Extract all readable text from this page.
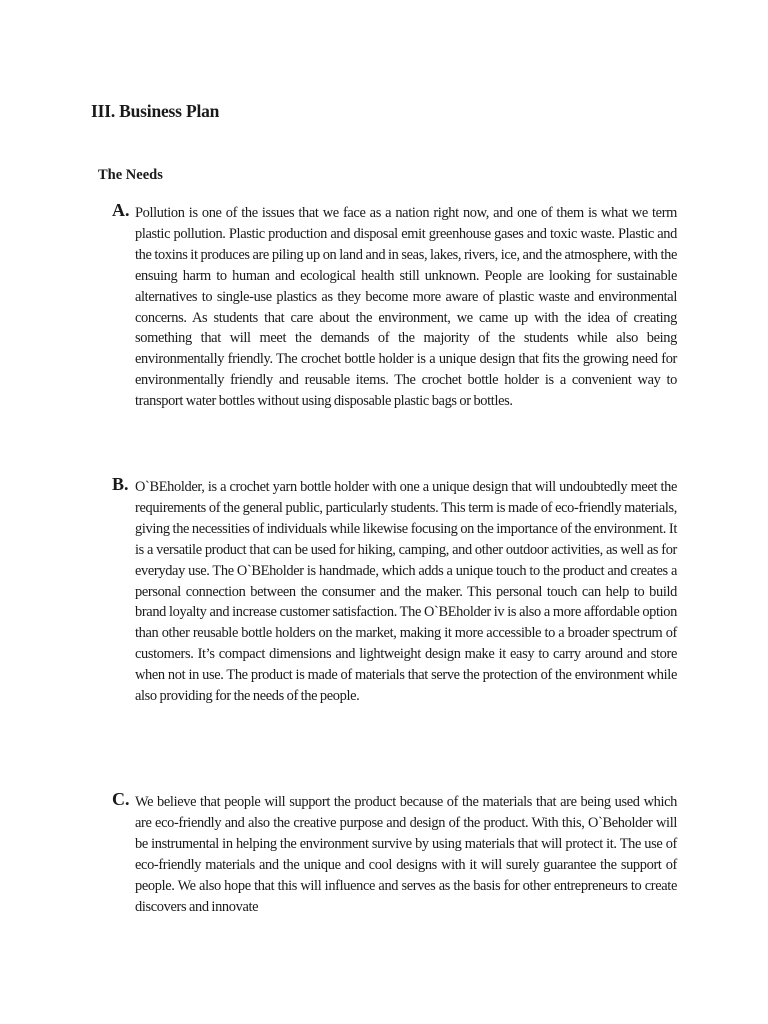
III. Business Plan
The Needs
A. Pollution is one of the issues that we face as a nation right now, and one of them is what we term plastic pollution. Plastic production and disposal emit greenhouse gases and toxic waste. Plastic and the toxins it produces are piling up on land and in seas, lakes, rivers, ice, and the atmosphere, with the ensuing harm to human and ecological health still unknown. People are looking for sustainable alternatives to single-use plastics as they become more aware of plastic waste and environmental concerns. As students that care about the environment, we came up with the idea of creating something that will meet the demands of the majority of the students while also being environmentally friendly. The crochet bottle holder is a unique design that fits the growing need for environmentally friendly and reusable items. The crochet bottle holder is a convenient way to transport water bottles without using disposable plastic bags or bottles.

B. O`BEholder, is a crochet yarn bottle holder with one a unique design that will undoubtedly meet the requirements of the general public, particularly students. This term is made of eco-friendly materials, giving the necessities of individuals while likewise focusing on the importance of the environment. It is a versatile product that can be used for hiking, camping, and other outdoor activities, as well as for everyday use. The O`BEholder is handmade, which adds a unique touch to the product and creates a personal connection between the consumer and the maker. This personal touch can help to build brand loyalty and increase customer satisfaction. The O`BEholder iv is also a more affordable option than other reusable bottle holders on the market, making it more accessible to a broader spectrum of customers. It’s compact dimensions and lightweight design make it easy to carry around and store when not in use. The product is made of materials that serve the protection of the environment while also providing for the needs of the people.

C. We believe that people will support the product because of the materials that are being used which are eco-friendly and also the creative purpose and design of the product. With this, O`Beholder will be instrumental in helping the environment survive by using materials that will protect it. The use of eco-friendly materials and the unique and cool designs with it will surely guarantee the support of people. We also hope that this will influence and serves as the basis for other entrepreneurs to create discovers and innovate
